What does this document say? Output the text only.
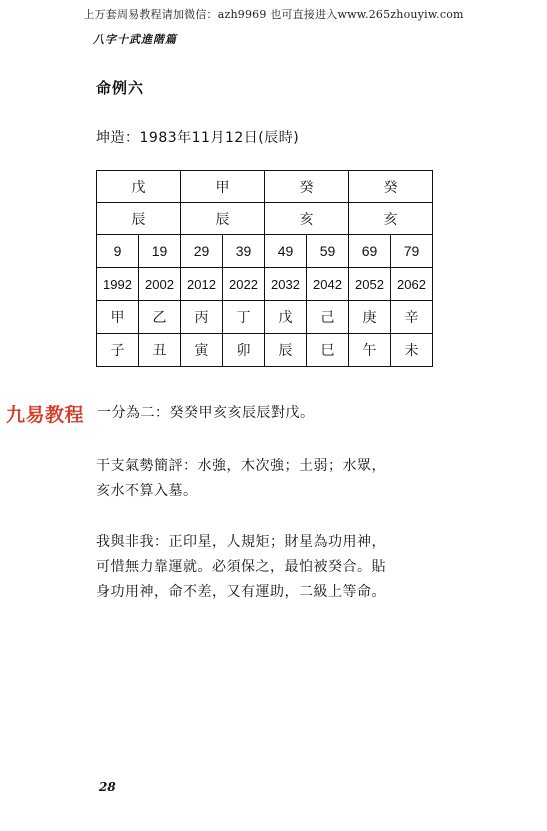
上万套周易教程请加微信：azh9969 也可直接进入www.265zhouyiw.com
八字十武進階篇
命例六
坤造：1983年11月12日(辰時)
戊		甲		癸		癸	
辰		辰		亥		亥	
9	19	29	39	49	59	69	79
1992	2002	2012	2022	2032	2042	2052	2062
甲	乙	丙	丁	戊	己	庚	辛
子	丑	寅	卯	辰	巳	午	未
九易教程 一分為二：癸癸甲亥亥辰辰對戊。
干支氣勢簡評：水強，木次強；土弱；水眾，
亥水不算入墓。
我與非我：正印星，人規矩；財星為功用神，
可惜無力靠運就。必須保之，最怕被癸合。貼
身功用神，命不差，又有運助，二級上等命。
28
